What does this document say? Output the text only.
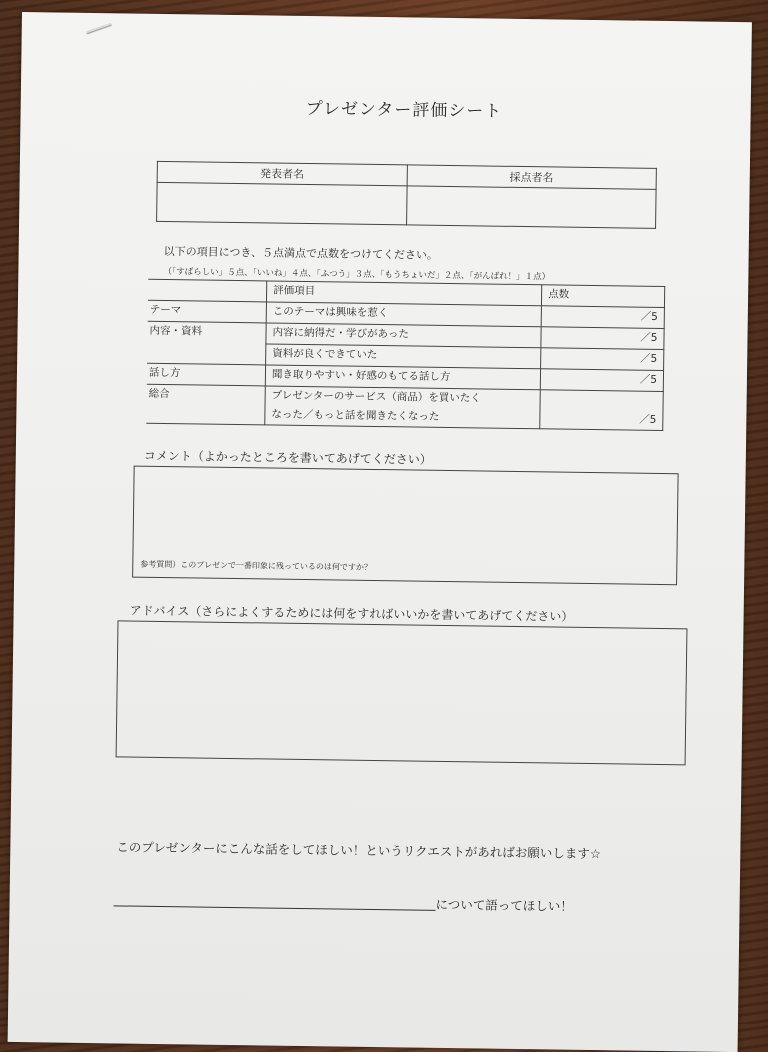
プレゼンター評価シート
発表者名	採点者名

以下の項目につき、５点満点で点数をつけてください。
（「すばらしい」５点、「いいね」４点、「ふつう」３点、「もうちょいだ」２点、「がんばれ！」１点）
	評価項目	点数
テーマ	このテーマは興味を惹く	／5
内容・資料	内容に納得だ・学びがあった	／5
	資料が良くできていた	／5
話し方	聞き取りやすい・好感のもてる話し方	／5
総合	プレゼンターのサービス（商品）を買いたく
なった／もっと話を聞きたくなった	／5
コメント（よかったところを書いてあげてください）
参考質問）このプレゼンで一番印象に残っているのは何ですか？
アドバイス（さらによくするためには何をすればいいかを書いてあげてください）
このプレゼンターにこんな話をしてほしい！というリクエストがあればお願いします☆
について語ってほしい！
